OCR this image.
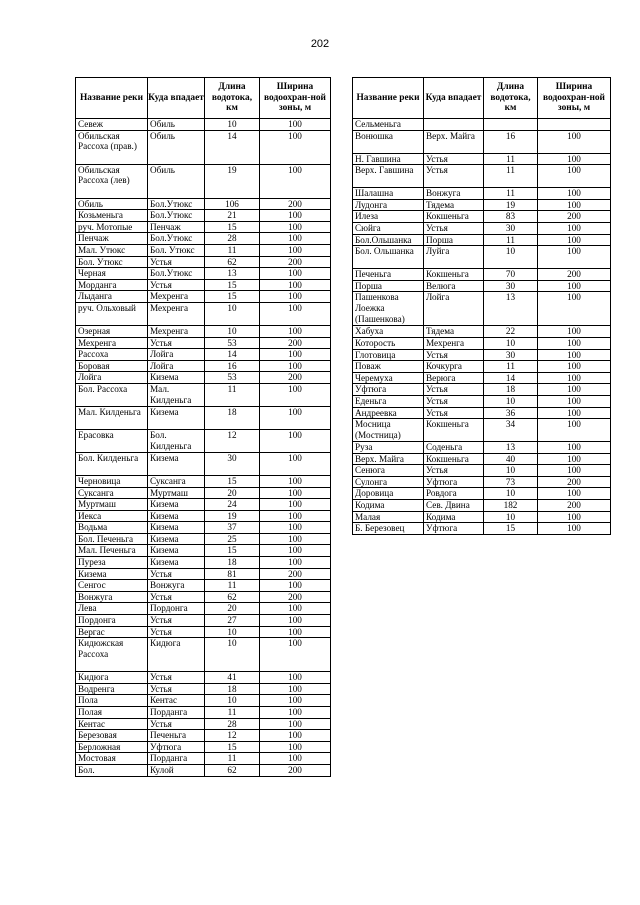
202
Название реки	Куда впадает	Длина водотока, км	Ширина водоохран-ной зоны, м
Севеж	Обиль	10	100
Обильская Рассоха (прав.)	Обиль	14	100
Обильская Рассоха (лев)	Обиль	19	100
Обиль	Бол.Утюкс	106	200
Козьменьга	Бол.Утюкс	21	100
руч. Мотопые	Пенчаж	15	100
Пенчаж	Бол.Утюкс	28	100
Мал. Утюкс	Бол. Утюкс	11	100
Бол. Утюкс	Устья	62	200
Черная	Бол.Утюкс	13	100
Морданга	Устья	15	100
Лыданга	Мехренга	15	100
руч. Ольховый	Мехренга	10	100
Озерная	Мехренга	10	100
Мехренга	Устья	53	200
Рассоха	Лойга	14	100
Боровая	Лойга	16	100
Лойга	Кизема	53	200
Бол. Рассоха	Мал. Килденьга	11	100
Мал. Килденьга	Кизема	18	100
Ерасовка	Бол. Килденьга	12	100
Бол. Килденьга	Кизема	30	100
Черновица	Суксанга	15	100
Суксанга	Муртмаш	20	100
Муртмаш	Кизема	24	100
Иекса	Кизема	19	100
Водьма	Кизема	37	100
Бол. Печеньга	Кизема	25	100
Мал. Печеньга	Кизема	15	100
Пуреза	Кизема	18	100
Кизема	Устья	81	200
Сенгос	Вонжуга	11	100
Вонжуга	Устья	62	200
Лева	Пордонга	20	100
Пордонга	Устья	27	100
Вергас	Устья	10	100
Кидюжская Рассоха	Кидюга	10	100
Кидюга	Устья	41	100
Водренга	Устья	18	100
Пола	Кентас	10	100
Полая	Порданга	11	100
Кентас	Устья	28	100
Березовая	Печеньга	12	100
Берложная	Уфтюга	15	100
Мостовая	Порданга	11	100
Бол.	Кулой	62	200
Название реки	Куда впадает	Длина водотока, км	Ширина водоохран-ной зоны, м
Сельменьга			
Вонюшка	Верх. Майга	16	100
Н. Гавшина	Устья	11	100
Верх. Гавшина	Устья	11	100
Шалашна	Вонжуга	11	100
Лудонга	Тядема	19	100
Илеза	Кокшеньга	83	200
Сюйга	Устья	30	100
Бол.Ольшанка	Порша	11	100
Бол. Ольшанка	Луйга	10	100
Печеньга	Кокшеньга	70	200
Порша	Велюга	30	100
Пашенкова Лоежка (Пашенкова)	Лойга	13	100
Хабуха	Тядема	22	100
Которость	Мехренга	10	100
Глотовица	Устья	30	100
Поваж	Кочкурга	11	100
Черемуха	Верюга	14	100
Уфтюга	Устья	18	100
Еденьга	Устья	10	100
Андреевка	Устья	36	100
Мосница (Мостница)	Кокшеньга	34	100
Руза	Соденьга	13	100
Верх. Майга	Кокшеньга	40	100
Сенюга	Устья	10	100
Сулонга	Уфтюга	73	200
Доровица	Ровдога	10	100
Кодима	Сев. Двина	182	200
Малая	Кодима	10	100
Б. Березовец	Уфтюга	15	100
